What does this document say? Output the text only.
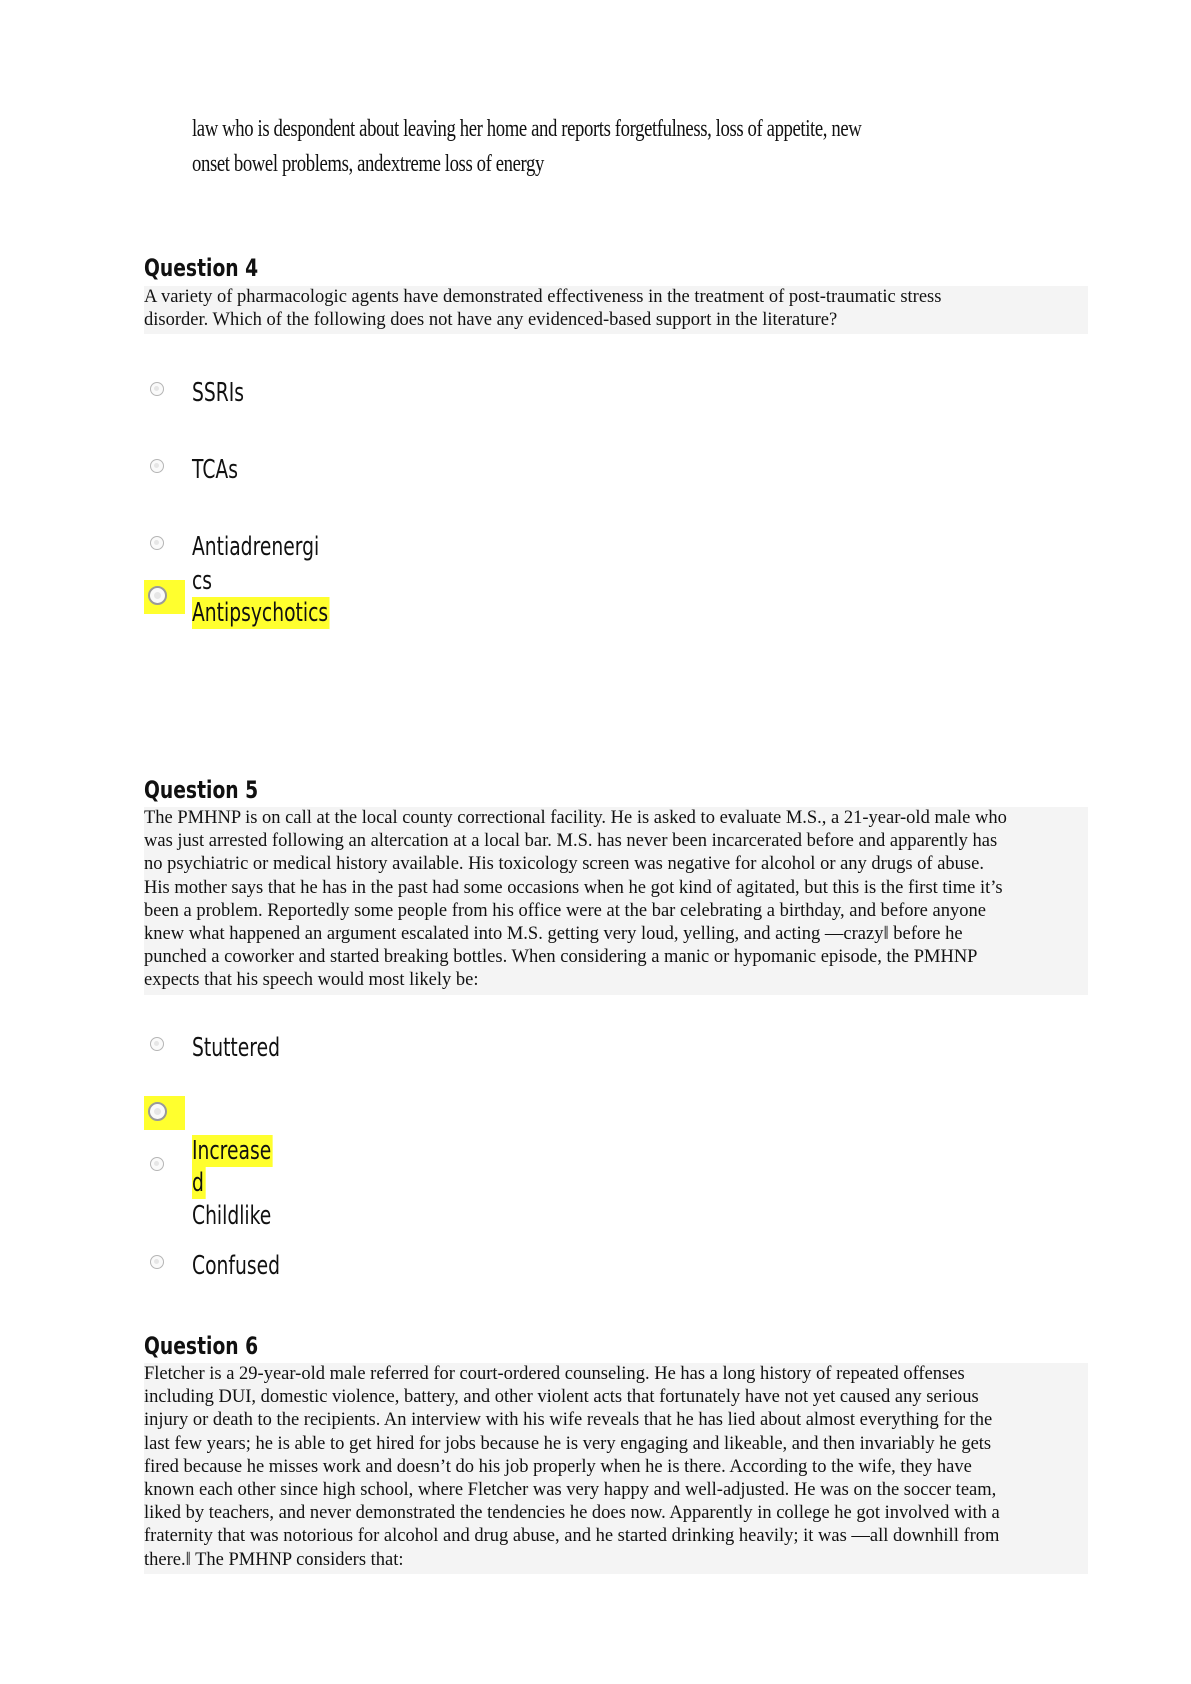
law who is despondent about leaving her home and reports forgetfulness, loss of appetite, new
onset bowel problems, andextreme loss of energy
Question 4

A variety of pharmacologic agents have demonstrated effectiveness in the treatment of post-traumatic stress

disorder. Which of the following does not have any evidenced-based support in the literature?

SSRIs
TCAs
Antiadrenergi
cs
Antipsychotics
Question 5

The PMHNP is on call at the local county correctional facility. He is asked to evaluate M.S., a 21-year-old male who

was just arrested following an altercation at a local bar. M.S. has never been incarcerated before and apparently has

no psychiatric or medical history available. His toxicology screen was negative for alcohol or any drugs of abuse.

His mother says that he has in the past had some occasions when he got kind of agitated, but this is the first time it’s

been a problem. Reportedly some people from his office were at the bar celebrating a birthday, and before anyone

knew what happened an argument escalated into M.S. getting very loud, yelling, and acting ―crazy‖ before he

punched a coworker and started breaking bottles. When considering a manic or hypomanic episode, the PMHNP

expects that his speech would most likely be:

Stuttered
Increase
d
Childlike
Confused
Question 6

Fletcher is a 29-year-old male referred for court-ordered counseling. He has a long history of repeated offenses

including DUI, domestic violence, battery, and other violent acts that fortunately have not yet caused any serious

injury or death to the recipients. An interview with his wife reveals that he has lied about almost everything for the

last few years; he is able to get hired for jobs because he is very engaging and likeable, and then invariably he gets

fired because he misses work and doesn’t do his job properly when he is there. According to the wife, they have

known each other since high school, where Fletcher was very happy and well-adjusted. He was on the soccer team,

liked by teachers, and never demonstrated the tendencies he does now. Apparently in college he got involved with a

fraternity that was notorious for alcohol and drug abuse, and he started drinking heavily; it was ―all downhill from

there.‖ The PMHNP considers that:
